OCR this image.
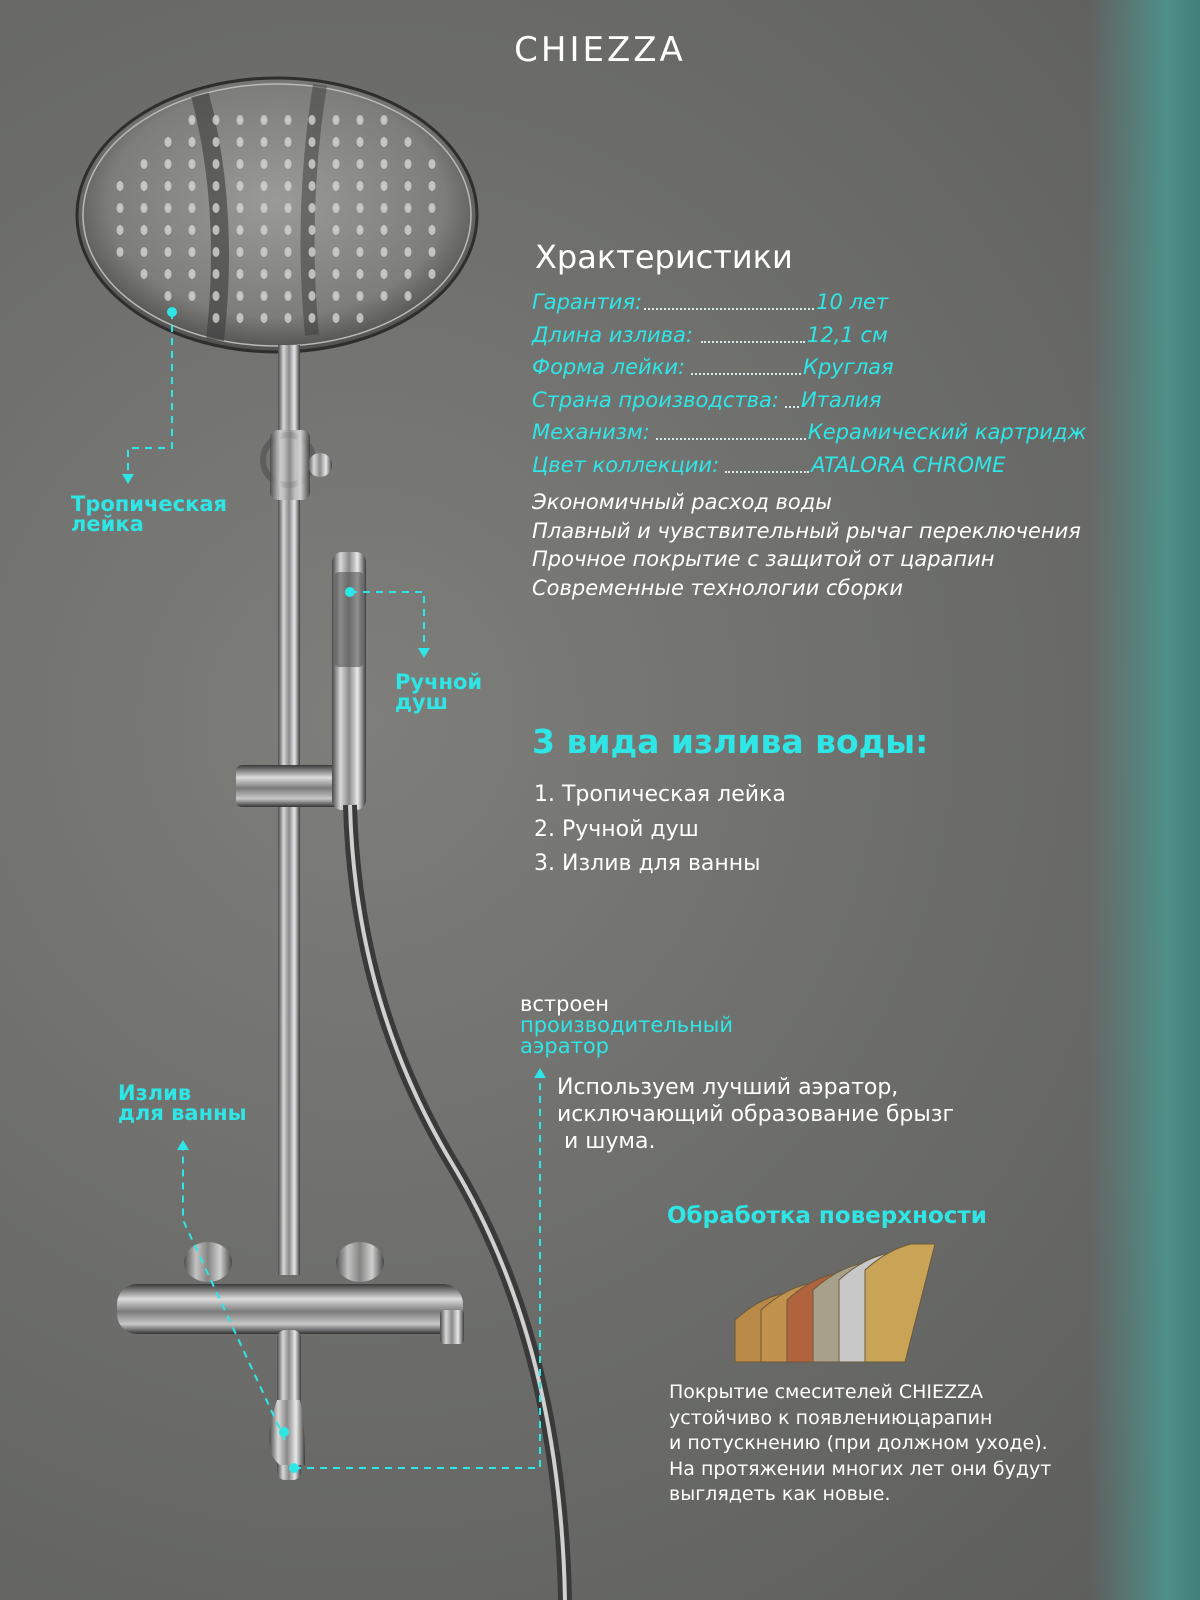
CHIEZZA
Тропическая
лейка
Ручной
душ
Излив
для ванны
Храктеристики
Гарантия:	10 лет
Длина излива:	12,1 см
Форма лейки:	Круглая
Страна производства: Италия
Механизм:	Керамический картридж
Цвет коллекции:	ATALORA CHROME
Экономичный расход воды
Плавный и чувствительный рычаг переключения
Прочное покрытие с защитой от царапин
Современные технологии сборки
3 вида излива воды:
1. Тропическая лейка
2. Ручной душ
3. Излив для ванны
встроен
производительный
аэратор
Используем лучший аэратор,
исключающий образование брызг
и шума.
Обработка поверхности
Покрытие смесителей CHIEZZA
устойчиво к появлениюцарапин
и потускнению (при должном уходе).
На протяжении многих лет они будут
выглядеть как новые.
